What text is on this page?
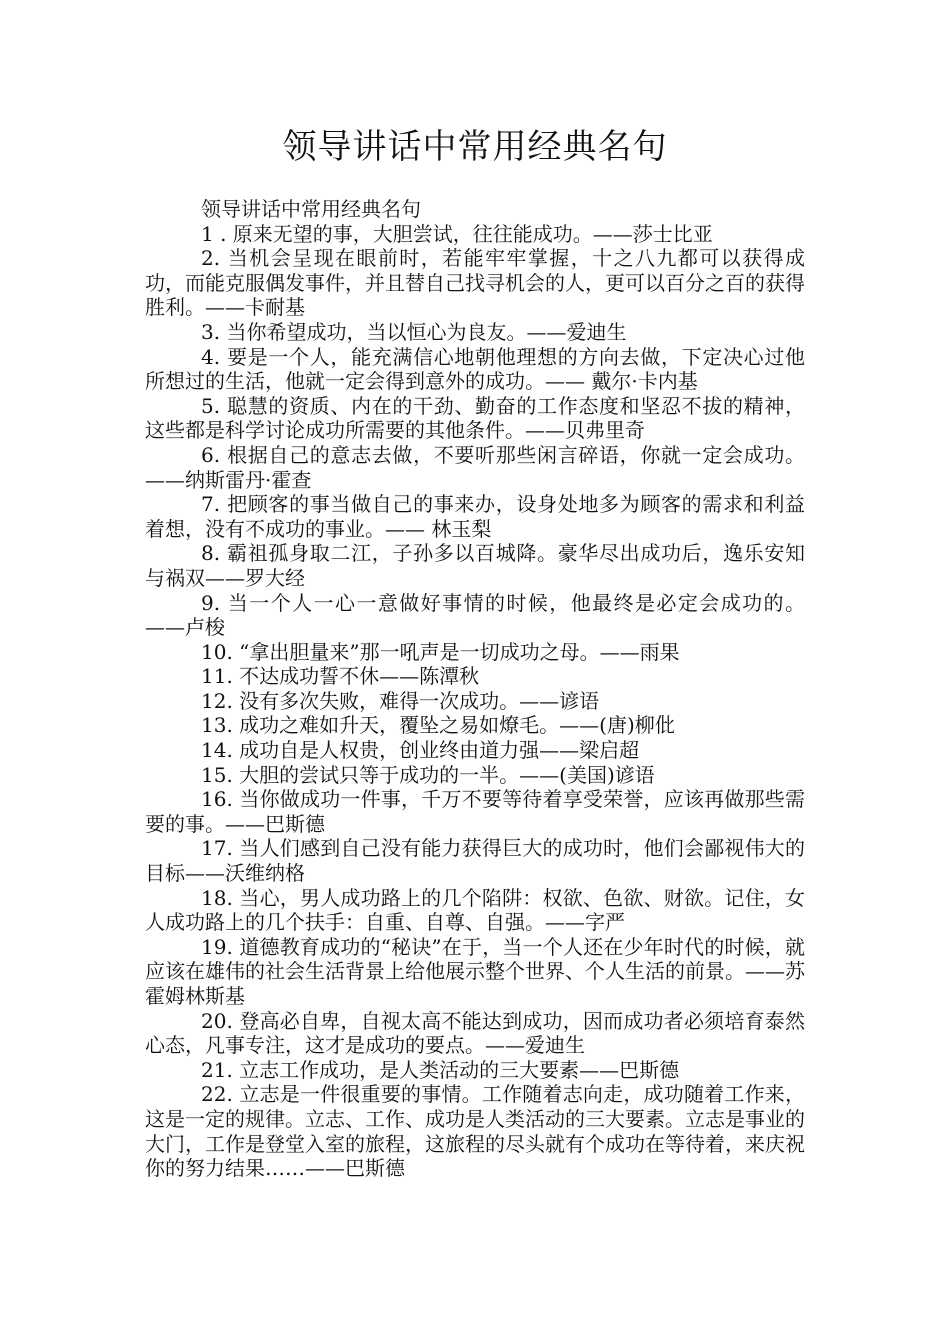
领导讲话中常用经典名句

领导讲话中常用经典名句

1 . 原来无望的事，大胆尝试，往往能成功。——莎士比亚

2. 当机会呈现在眼前时，若能牢牢掌握，十之八九都可以获得成功，而能克服偶发事件，并且替自己找寻机会的人，更可以百分之百的获得胜利。——卡耐基

3. 当你希望成功，当以恒心为良友。——爱迪生

4. 要是一个人，能充满信心地朝他理想的方向去做，下定决心过他所想过的生活，他就一定会得到意外的成功。—— 戴尔·卡内基

5. 聪慧的资质、内在的干劲、勤奋的工作态度和坚忍不拔的精神，这些都是科学讨论成功所需要的其他条件。——贝弗里奇

6. 根据自己的意志去做，不要听那些闲言碎语，你就一定会成功。——纳斯雷丹·霍查

7. 把顾客的事当做自己的事来办，设身处地多为顾客的需求和利益着想，没有不成功的事业。—— 林玉梨

8. 霸祖孤身取二江，子孙多以百城降。豪华尽出成功后，逸乐安知与祸双——罗大经

9. 当一个人一心一意做好事情的时候，他最终是必定会成功的。——卢梭

10. “拿出胆量来”那一吼声是一切成功之母。——雨果

11. 不达成功誓不休——陈潭秋

12. 没有多次失败，难得一次成功。——谚语

13. 成功之难如升天，覆坠之易如燎毛。——(唐)柳仳

14. 成功自是人权贵，创业终由道力强——梁启超

15. 大胆的尝试只等于成功的一半。——(美国)谚语

16. 当你做成功一件事，千万不要等待着享受荣誉，应该再做那些需要的事。——巴斯德

17. 当人们感到自己没有能力获得巨大的成功时，他们会鄙视伟大的目标——沃维纳格

18. 当心，男人成功路上的几个陷阱：权欲、色欲、财欲。记住，女人成功路上的几个扶手：自重、自尊、自强。——字严

19. 道德教育成功的“秘诀”在于，当一个人还在少年时代的时候，就应该在雄伟的社会生活背景上给他展示整个世界、个人生活的前景。——苏霍姆林斯基

20. 登高必自卑，自视太高不能达到成功，因而成功者必须培育泰然心态，凡事专注，这才是成功的要点。——爱迪生

21. 立志工作成功，是人类活动的三大要素——巴斯德

22. 立志是一件很重要的事情。工作随着志向走，成功随着工作来，这是一定的规律。立志、工作、成功是人类活动的三大要素。立志是事业的大门，工作是登堂入室的旅程，这旅程的尽头就有个成功在等待着，来庆祝你的努力结果……——巴斯德
